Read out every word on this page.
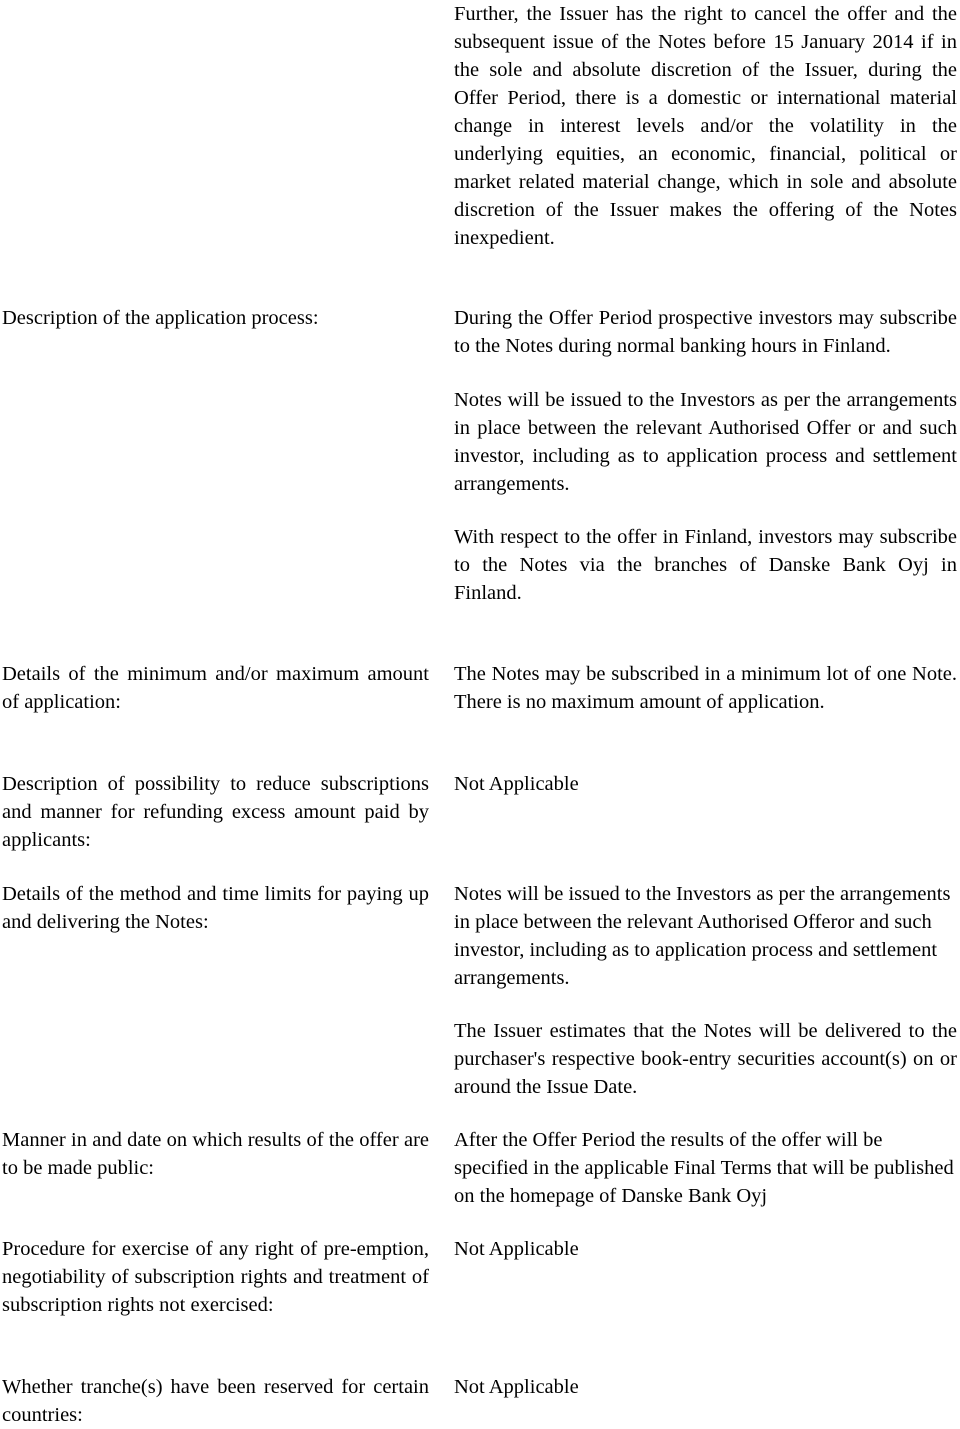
Further, the Issuer has the right to cancel the offer and the subsequent issue of the Notes before 15 January 2014 if in the sole and absolute discretion of the Issuer, during the Offer Period, there is a domestic or international material change in interest levels and/or the volatility in the underlying equities, an economic, financial, political or market related material change, which in sole and absolute discretion of the Issuer makes the offering of the Notes inexpedient.

Description of the application process:	During the Offer Period prospective investors may subscribe to the Notes during normal banking hours in Finland.

Notes will be issued to the Investors as per the arrangements in place between the relevant Authorised Offer or and such investor, including as to application process and settlement arrangements.

With respect to the offer in Finland, investors may subscribe to the Notes via the branches of Danske Bank Oyj in Finland.

Details of the minimum and/or maximum amount of application:

The Notes may be subscribed in a minimum lot of one Note. There is no maximum amount of application.

Description of possibility to reduce subscriptions and manner for refunding excess amount paid by applicants:

Not Applicable

Details of the method and time limits for paying up and delivering the Notes:

Notes will be issued to the Investors as per the arrangements in place between the relevant Authorised Offeror and such investor, including as to application process and settlement arrangements.

The Issuer estimates that the Notes will be delivered to the purchaser's respective book-entry securities account(s) on or around the Issue Date.

Manner in and date on which results of the offer are to be made public:

After the Offer Period the results of the offer will be specified in the applicable Final Terms that will be published on the homepage of Danske Bank Oyj

Procedure for exercise of any right of pre-emption, negotiability of subscription rights and treatment of subscription rights not exercised:

Not Applicable

Whether tranche(s) have been reserved for certain countries:

Not Applicable
